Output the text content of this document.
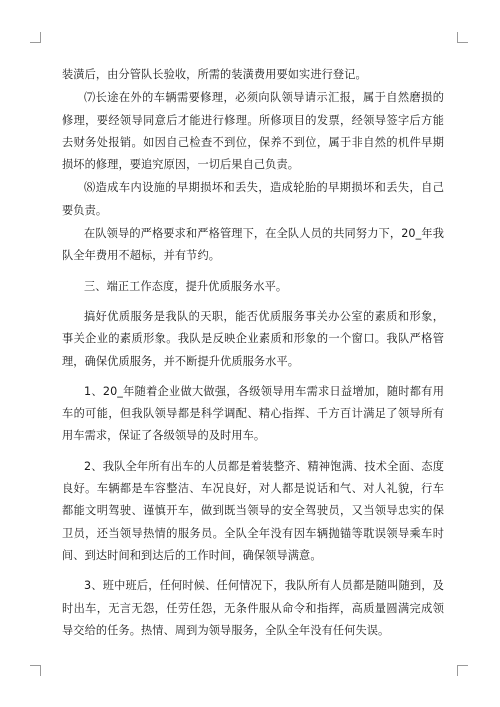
装潢后，由分管队长验收，所需的装潢费用要如实进行登记。

⑺长途在外的车辆需要修理，必须向队领导请示汇报，属于自然磨损的修理，要经领导同意后才能进行修理。所修项目的发票，经领导签字后方能去财务处报销。如因自己检查不到位，保养不到位，属于非自然的机件早期损坏的修理，要追究原因，一切后果自己负责。

⑻造成车内设施的早期损坏和丢失，造成轮胎的早期损坏和丢失，自己要负责。

在队领导的严格要求和严格管理下，在全队人员的共同努力下，20_年我队全年费用不超标，并有节约。

三、端正工作态度，提升优质服务水平。

搞好优质服务是我队的天职，能否优质服务事关办公室的素质和形象，事关企业的素质形象。我队是反映企业素质和形象的一个窗口。我队严格管理，确保优质服务，并不断提升优质服务水平。

1、20_年随着企业做大做强，各级领导用车需求日益增加，随时都有用车的可能，但我队领导都是科学调配、精心指挥、千方百计满足了领导所有用车需求，保证了各级领导的及时用车。

2、我队全年所有出车的人员都是着装整齐、精神饱满、技术全面、态度良好。车辆都是车容整洁、车况良好，对人都是说话和气、对人礼貌，行车都能文明驾驶、谨慎开车，做到既当领导的安全驾驶员，又当领导忠实的保卫员，还当领导热情的服务员。全队全年没有因车辆抛锚等耽误领导乘车时间、到达时间和到达后的工作时间，确保领导满意。

3、班中班后，任何时候、任何情况下，我队所有人员都是随叫随到，及时出车，无言无怨，任劳任怨，无条件服从命令和指挥，高质量圆满完成领导交给的任务。热情、周到为领导服务，全队全年没有任何失误。
